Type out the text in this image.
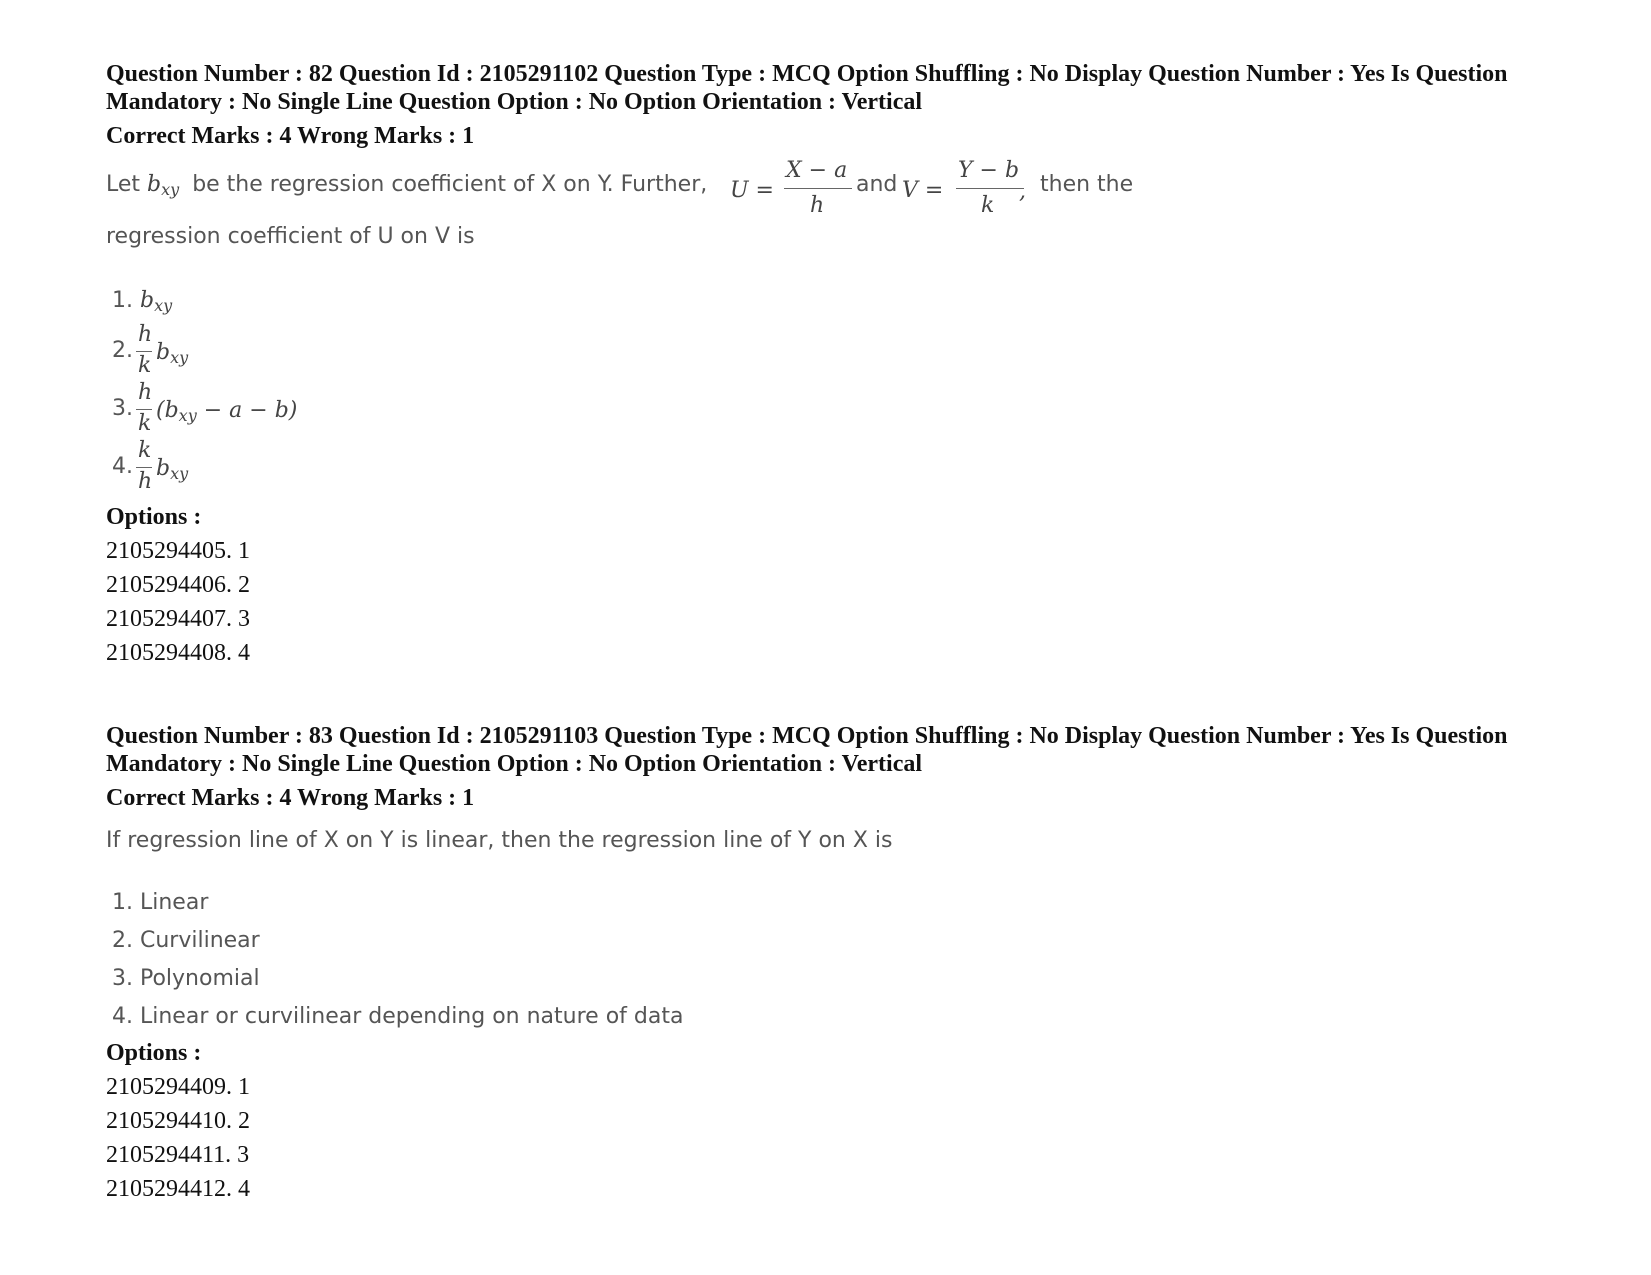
Question Number : 82 Question Id : 2105291102 Question Type : MCQ Option Shuffling : No Display Question Number : Yes Is Question Mandatory : No Single Line Question Option : No Option Orientation : Vertical
Correct Marks : 4 Wrong Marks : 1
Let $b_{xy}$ be the regression coefficient of X on Y. Further, U =
X − a
h
and V =
Y − b
k
, then the
regression coefficient of U on V is
1. $b_{xy}$
2.
h
k
$b_{xy}$
3.
h
k
$(b_{xy} - a - b)$
4.
k
h
$b_{xy}$
Options :
2105294405. 1
2105294406. 2
2105294407. 3
2105294408. 4
Question Number : 83 Question Id : 2105291103 Question Type : MCQ Option Shuffling : No Display Question Number : Yes Is Question Mandatory : No Single Line Question Option : No Option Orientation : Vertical
Correct Marks : 4 Wrong Marks : 1
If regression line of X on Y is linear, then the regression line of Y on X is
1. Linear
2. Curvilinear
3. Polynomial
4. Linear or curvilinear depending on nature of data
Options :
2105294409. 1
2105294410. 2
2105294411. 3
2105294412. 4
